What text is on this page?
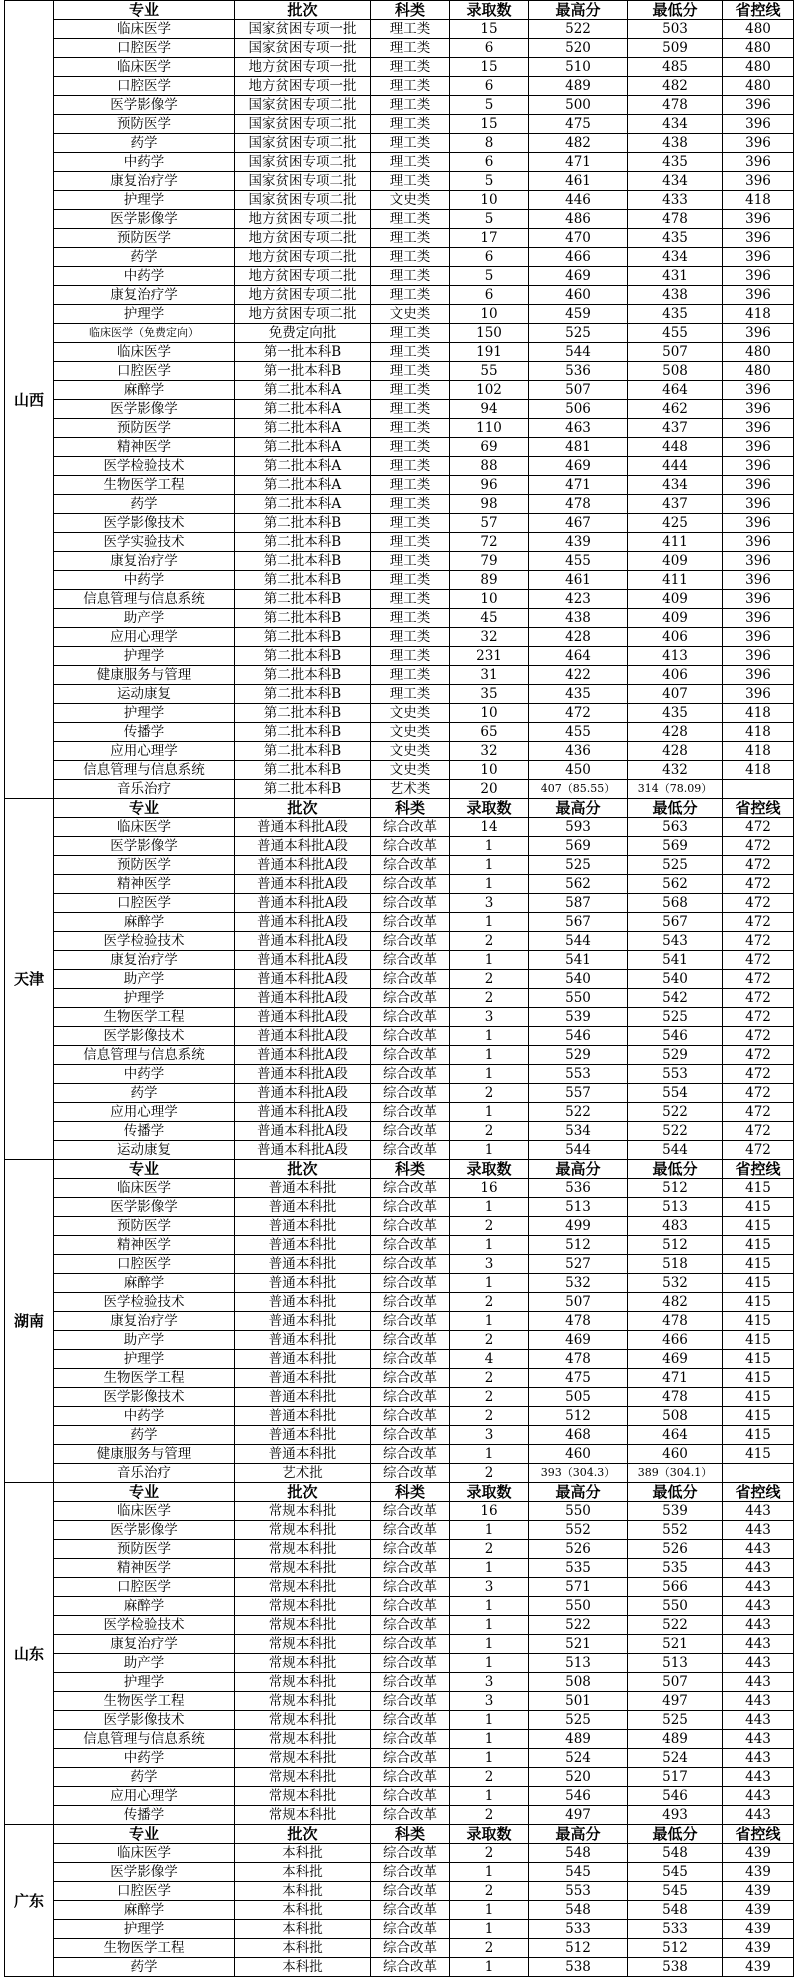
山西	专业	批次	科类	录取数	最高分	最低分	省控线
	临床医学	国家贫困专项一批	理工类	15	522	503	480
	口腔医学	国家贫困专项一批	理工类	6	520	509	480
	临床医学	地方贫困专项一批	理工类	15	510	485	480
	口腔医学	地方贫困专项一批	理工类	6	489	482	480
	医学影像学	国家贫困专项二批	理工类	5	500	478	396
	预防医学	国家贫困专项二批	理工类	15	475	434	396
	药学	国家贫困专项二批	理工类	8	482	438	396
	中药学	国家贫困专项二批	理工类	6	471	435	396
	康复治疗学	国家贫困专项二批	理工类	5	461	434	396
	护理学	国家贫困专项二批	文史类	10	446	433	418
	医学影像学	地方贫困专项二批	理工类	5	486	478	396
	预防医学	地方贫困专项二批	理工类	17	470	435	396
	药学	地方贫困专项二批	理工类	6	466	434	396
	中药学	地方贫困专项二批	理工类	5	469	431	396
	康复治疗学	地方贫困专项二批	理工类	6	460	438	396
	护理学	地方贫困专项二批	文史类	10	459	435	418
	临床医学（免费定向）	免费定向批	理工类	150	525	455	396
	临床医学	第一批本科B	理工类	191	544	507	480
	口腔医学	第一批本科B	理工类	55	536	508	480
	麻醉学	第二批本科A	理工类	102	507	464	396
	医学影像学	第二批本科A	理工类	94	506	462	396
	预防医学	第二批本科A	理工类	110	463	437	396
	精神医学	第二批本科A	理工类	69	481	448	396
	医学检验技术	第二批本科A	理工类	88	469	444	396
	生物医学工程	第二批本科A	理工类	96	471	434	396
	药学	第二批本科A	理工类	98	478	437	396
	医学影像技术	第二批本科B	理工类	57	467	425	396
	医学实验技术	第二批本科B	理工类	72	439	411	396
	康复治疗学	第二批本科B	理工类	79	455	409	396
	中药学	第二批本科B	理工类	89	461	411	396
	信息管理与信息系统	第二批本科B	理工类	10	423	409	396
	助产学	第二批本科B	理工类	45	438	409	396
	应用心理学	第二批本科B	理工类	32	428	406	396
	护理学	第二批本科B	理工类	231	464	413	396
	健康服务与管理	第二批本科B	理工类	31	422	406	396
	运动康复	第二批本科B	理工类	35	435	407	396
	护理学	第二批本科B	文史类	10	472	435	418
	传播学	第二批本科B	文史类	65	455	428	418
	应用心理学	第二批本科B	文史类	32	436	428	418
	信息管理与信息系统	第二批本科B	文史类	10	450	432	418
	音乐治疗	第二批本科B	艺术类	20	407（85.55）	314（78.09）	
天津	专业	批次	科类	录取数	最高分	最低分	省控线
	临床医学	普通本科批A段	综合改革	14	593	563	472
	医学影像学	普通本科批A段	综合改革	1	569	569	472
	预防医学	普通本科批A段	综合改革	1	525	525	472
	精神医学	普通本科批A段	综合改革	1	562	562	472
	口腔医学	普通本科批A段	综合改革	3	587	568	472
	麻醉学	普通本科批A段	综合改革	1	567	567	472
	医学检验技术	普通本科批A段	综合改革	2	544	543	472
	康复治疗学	普通本科批A段	综合改革	1	541	541	472
	助产学	普通本科批A段	综合改革	2	540	540	472
	护理学	普通本科批A段	综合改革	2	550	542	472
	生物医学工程	普通本科批A段	综合改革	3	539	525	472
	医学影像技术	普通本科批A段	综合改革	1	546	546	472
	信息管理与信息系统	普通本科批A段	综合改革	1	529	529	472
	中药学	普通本科批A段	综合改革	1	553	553	472
	药学	普通本科批A段	综合改革	2	557	554	472
	应用心理学	普通本科批A段	综合改革	1	522	522	472
	传播学	普通本科批A段	综合改革	2	534	522	472
	运动康复	普通本科批A段	综合改革	1	544	544	472
湖南	专业	批次	科类	录取数	最高分	最低分	省控线
	临床医学	普通本科批	综合改革	16	536	512	415
	医学影像学	普通本科批	综合改革	1	513	513	415
	预防医学	普通本科批	综合改革	2	499	483	415
	精神医学	普通本科批	综合改革	1	512	512	415
	口腔医学	普通本科批	综合改革	3	527	518	415
	麻醉学	普通本科批	综合改革	1	532	532	415
	医学检验技术	普通本科批	综合改革	2	507	482	415
	康复治疗学	普通本科批	综合改革	1	478	478	415
	助产学	普通本科批	综合改革	2	469	466	415
	护理学	普通本科批	综合改革	4	478	469	415
	生物医学工程	普通本科批	综合改革	2	475	471	415
	医学影像技术	普通本科批	综合改革	2	505	478	415
	中药学	普通本科批	综合改革	2	512	508	415
	药学	普通本科批	综合改革	3	468	464	415
	健康服务与管理	普通本科批	综合改革	1	460	460	415
	音乐治疗	艺术批	综合改革	2	393（304.3）	389（304.1）	
山东	专业	批次	科类	录取数	最高分	最低分	省控线
	临床医学	常规本科批	综合改革	16	550	539	443
	医学影像学	常规本科批	综合改革	1	552	552	443
	预防医学	常规本科批	综合改革	2	526	526	443
	精神医学	常规本科批	综合改革	1	535	535	443
	口腔医学	常规本科批	综合改革	3	571	566	443
	麻醉学	常规本科批	综合改革	1	550	550	443
	医学检验技术	常规本科批	综合改革	1	522	522	443
	康复治疗学	常规本科批	综合改革	1	521	521	443
	助产学	常规本科批	综合改革	1	513	513	443
	护理学	常规本科批	综合改革	3	508	507	443
	生物医学工程	常规本科批	综合改革	3	501	497	443
	医学影像技术	常规本科批	综合改革	1	525	525	443
	信息管理与信息系统	常规本科批	综合改革	1	489	489	443
	中药学	常规本科批	综合改革	1	524	524	443
	药学	常规本科批	综合改革	2	520	517	443
	应用心理学	常规本科批	综合改革	1	546	546	443
	传播学	常规本科批	综合改革	2	497	493	443
广东	专业	批次	科类	录取数	最高分	最低分	省控线
	临床医学	本科批	综合改革	2	548	548	439
	医学影像学	本科批	综合改革	1	545	545	439
	口腔医学	本科批	综合改革	2	553	545	439
	麻醉学	本科批	综合改革	1	548	548	439
	护理学	本科批	综合改革	1	533	533	439
	生物医学工程	本科批	综合改革	2	512	512	439
	药学	本科批	综合改革	1	538	538	439
